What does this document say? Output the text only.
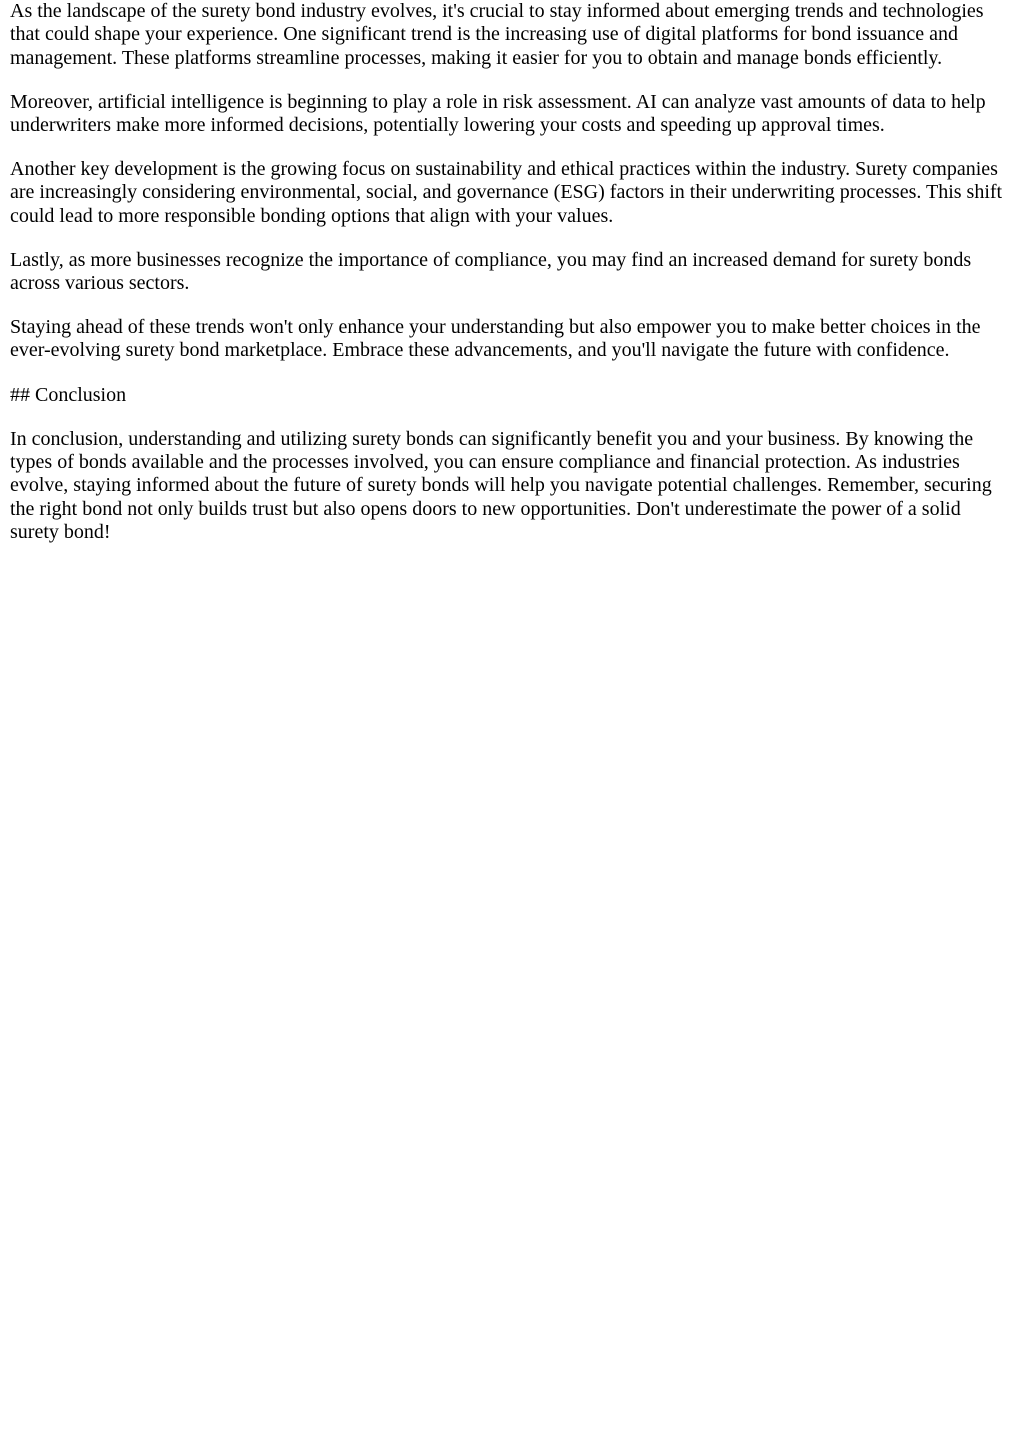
As the landscape of the surety bond industry evolves, it's crucial to stay informed about emerging trends and technologies that could shape your experience. One significant trend is the increasing use of digital platforms for bond issuance and management. These platforms streamline processes, making it easier for you to obtain and manage bonds efficiently.

Moreover, artificial intelligence is beginning to play a role in risk assessment. AI can analyze vast amounts of data to help underwriters make more informed decisions, potentially lowering your costs and speeding up approval times.

Another key development is the growing focus on sustainability and ethical practices within the industry. Surety companies are increasingly considering environmental, social, and governance (ESG) factors in their underwriting processes. This shift could lead to more responsible bonding options that align with your values.

Lastly, as more businesses recognize the importance of compliance, you may find an increased demand for surety bonds across various sectors.

Staying ahead of these trends won't only enhance your understanding but also empower you to make better choices in the ever-evolving surety bond marketplace. Embrace these advancements, and you'll navigate the future with confidence.

## Conclusion

In conclusion, understanding and utilizing surety bonds can significantly benefit you and your business. By knowing the types of bonds available and the processes involved, you can ensure compliance and financial protection. As industries evolve, staying informed about the future of surety bonds will help you navigate potential challenges. Remember, securing the right bond not only builds trust but also opens doors to new opportunities. Don't underestimate the power of a solid surety bond!
